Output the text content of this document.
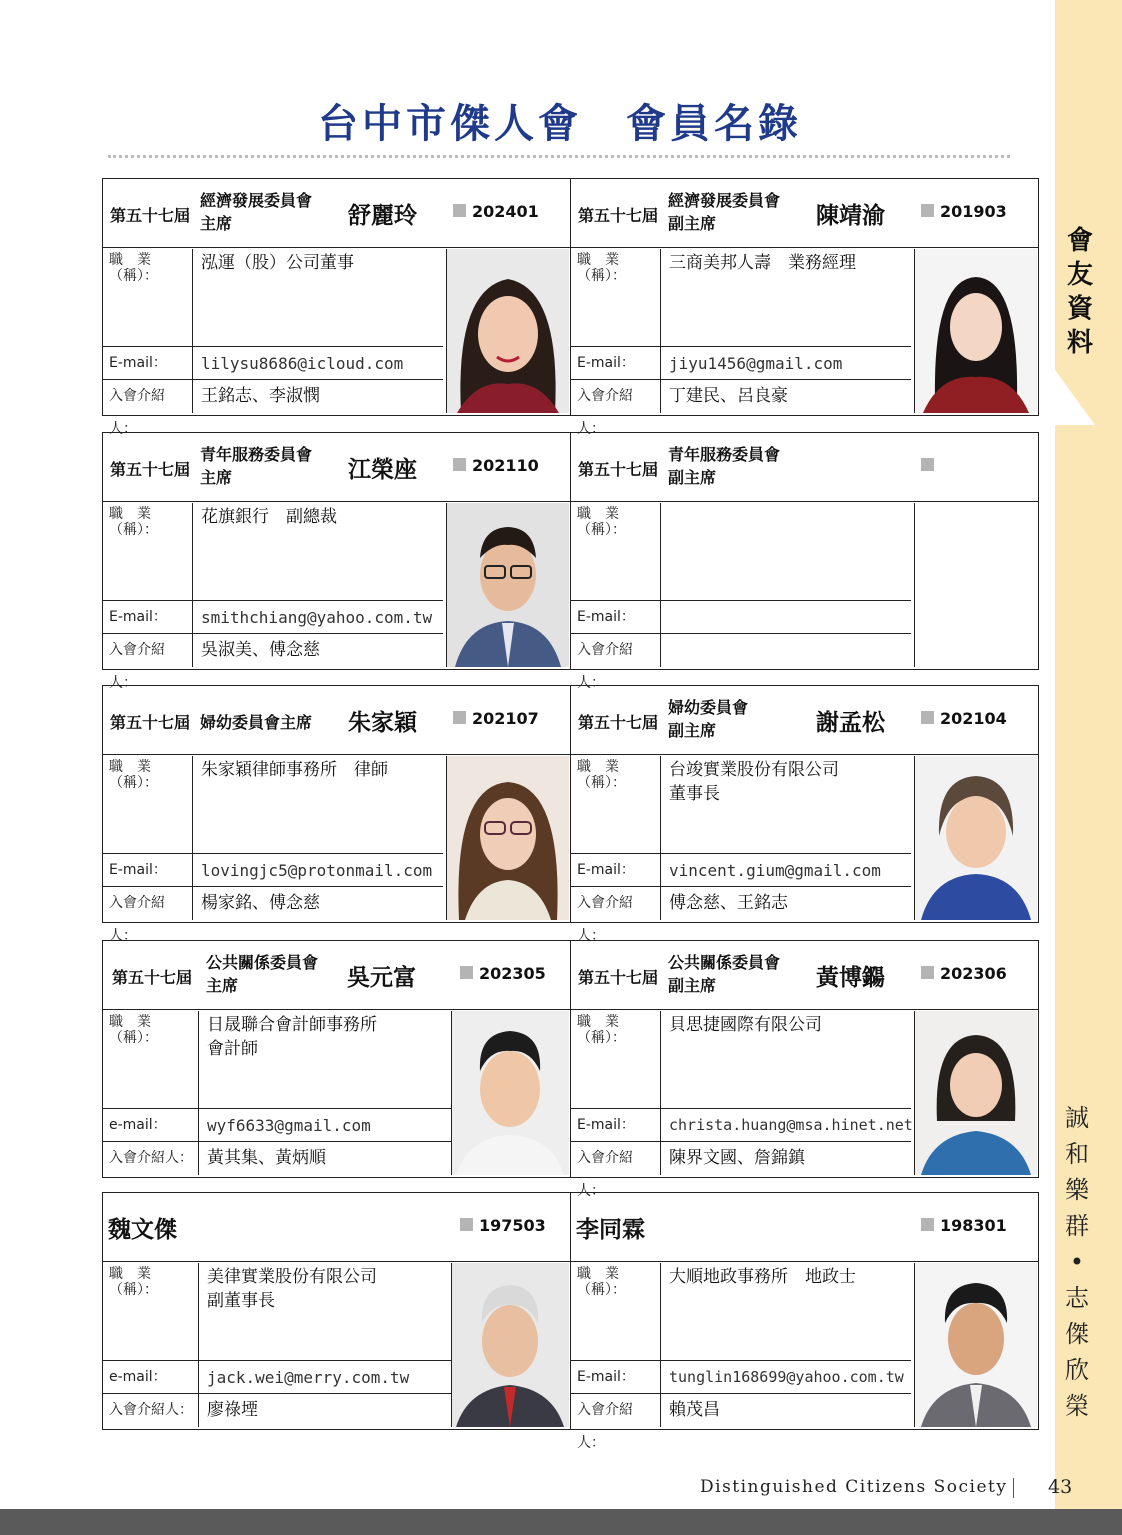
會
友
資
料
誠
和
樂
群
•
志
傑
欣
榮
台中市傑人會　會員名錄
第五十七屆
經濟發展委員會
主席	舒麗玲	202401
職　業
（稱）：
泓運（股）公司董事
E-mail：	lilysu8686@icloud.com
入會介紹人：
王銘志、李淑憫
第五十七屆
經濟發展委員會
副主席	陳靖渝	201903
職　業
（稱）：
三商美邦人壽　業務經理
E-mail：	jiyu1456@gmail.com
入會介紹人：
丁建民、呂良豪
第五十七屆
青年服務委員會
主席	江榮座	202110
職　業
（稱）：
花旗銀行　副總裁
E-mail：	smithchiang@yahoo.com.tw
入會介紹人：
吳淑美、傅念慈
第五十七屆
青年服務委員會
副主席
職　業
（稱）：
E-mail：
入會介紹人：
第五十七屆 婦幼委員會主席 朱家穎	202107
職　業
（稱）：
朱家穎律師事務所　律師
E-mail：	lovingjc5@protonmail.com
入會介紹人：
楊家銘、傅念慈
第五十七屆
婦幼委員會
副主席	謝孟松	202104
職　業
（稱）：
台竣實業股份有限公司
董事長
E-mail：	vincent.gium@gmail.com
入會介紹人：
傅念慈、王銘志
第五十七屆
公共關係委員會
主席	吳元富	202305
職　業
（稱）：
日晟聯合會計師事務所
會計師
e-mail：	wyf6633@gmail.com
入會介紹人： 黃其集、黃炳順
第五十七屆
公共關係委員會
副主席	黃博鐊	202306
職　業
（稱）：
貝思捷國際有限公司
E-mail：	christa.huang@msa.hinet.net
入會介紹人：
陳界文國、詹錦鎮
魏文傑	197503
職　業
（稱）：
美律實業股份有限公司
副董事長
e-mail：	jack.wei@merry.com.tw
入會介紹人： 廖祿堙
李同霖	198301
職　業
（稱）：
大順地政事務所　地政士
E-mail：	tunglin168699@yahoo.com.tw
入會介紹人：
賴茂昌
Distinguished Citizens Society 43
